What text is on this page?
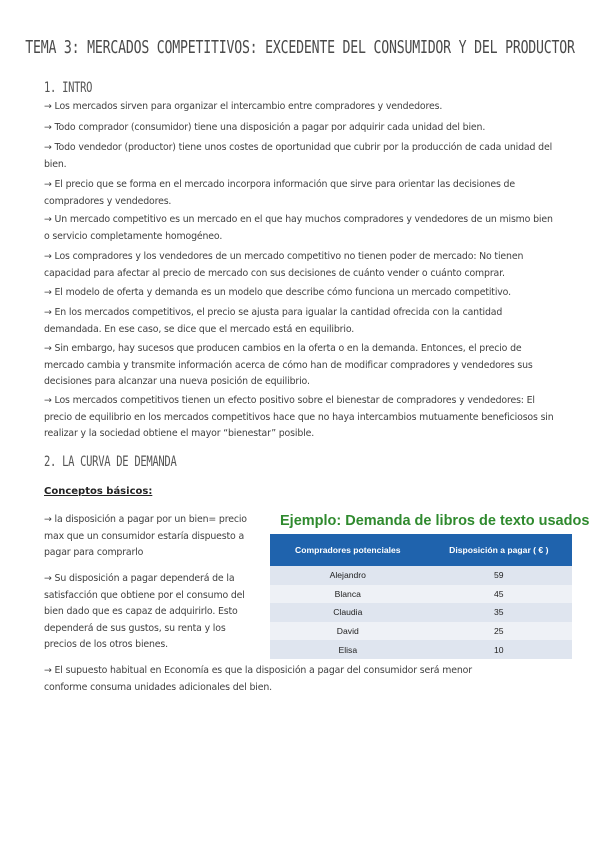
TEMA 3: MERCADOS COMPETITIVOS: EXCEDENTE DEL CONSUMIDOR Y DEL PRODUCTOR
1. INTRO
→ Los mercados sirven para organizar el intercambio entre compradores y vendedores.
→ Todo comprador (consumidor) tiene una disposición a pagar por adquirir cada unidad del bien.
→ Todo vendedor (productor) tiene unos costes de oportunidad que cubrir por la producción de cada unidad del bien.
→ El precio que se forma en el mercado incorpora información que sirve para orientar las decisiones de compradores y vendedores.
→ Un mercado competitivo es un mercado en el que hay muchos compradores y vendedores de un mismo bien o servicio completamente homogéneo.
→ Los compradores y los vendedores de un mercado competitivo no tienen poder de mercado: No tienen capacidad para afectar al precio de mercado con sus decisiones de cuánto vender o cuánto comprar.
→ El modelo de oferta y demanda es un modelo que describe cómo funciona un mercado competitivo.
→ En los mercados competitivos, el precio se ajusta para igualar la cantidad ofrecida con la cantidad demandada. En ese caso, se dice que el mercado está en equilibrio.
→ Sin embargo, hay sucesos que producen cambios en la oferta o en la demanda. Entonces, el precio de mercado cambia y transmite información acerca de cómo han de modificar compradores y vendedores sus decisiones para alcanzar una nueva posición de equilibrio.
→ Los mercados competitivos tienen un efecto positivo sobre el bienestar de compradores y vendedores: El precio de equilibrio en los mercados competitivos hace que no haya intercambios mutuamente beneficiosos sin realizar y la sociedad obtiene el mayor “bienestar” posible.
2. LA CURVA DE DEMANDA
Conceptos básicos:
→ la disposición a pagar por un bien= precio max que un consumidor estaría dispuesto a pagar para comprarlo
→ Su disposición a pagar dependerá de la satisfacción que obtiene por el consumo del bien dado que es capaz de adquirirlo. Esto dependerá de sus gustos, su renta y los precios de los otros bienes.
→ El supuesto habitual en Economía es que la disposición a pagar del consumidor será menor conforme consuma unidades adicionales del bien.
Ejemplo: Demanda de libros de texto usados
Compradores potenciales	Disposición a pagar ( € )
Alejandro	59
Blanca	45
Claudia	35
David	25
Elisa	10
